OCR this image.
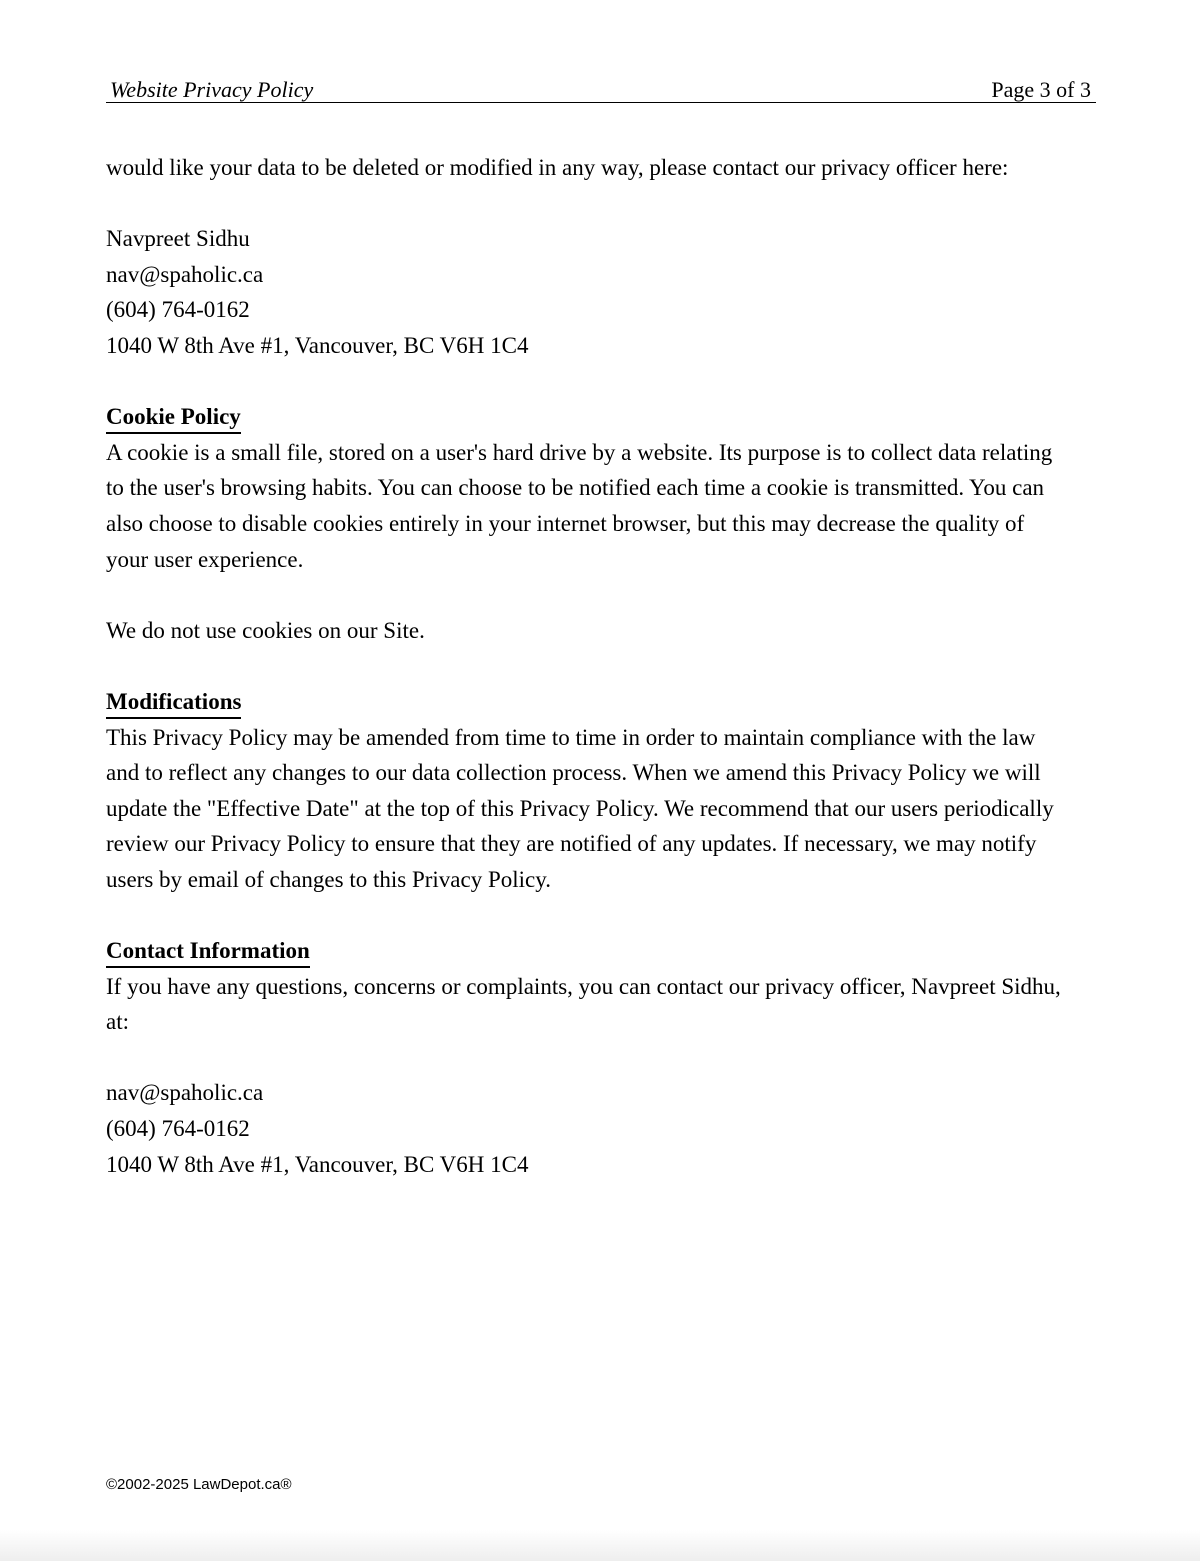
Website Privacy Policy	Page 3 of 3

would like your data to be deleted or modified in any way, please contact our privacy officer here:

Navpreet Sidhu
nav@spaholic.ca
(604) 764-0162
1040 W 8th Ave #1, Vancouver, BC V6H 1C4

Cookie Policy

A cookie is a small file, stored on a user's hard drive by a website. Its purpose is to collect data relating
to the user's browsing habits. You can choose to be notified each time a cookie is transmitted. You can
also choose to disable cookies entirely in your internet browser, but this may decrease the quality of
your user experience.

We do not use cookies on our Site.

Modifications

This Privacy Policy may be amended from time to time in order to maintain compliance with the law
and to reflect any changes to our data collection process. When we amend this Privacy Policy we will
update the "Effective Date" at the top of this Privacy Policy. We recommend that our users periodically
review our Privacy Policy to ensure that they are notified of any updates. If necessary, we may notify
users by email of changes to this Privacy Policy.

Contact Information

If you have any questions, concerns or complaints, you can contact our privacy officer, Navpreet Sidhu,
at:

nav@spaholic.ca
(604) 764-0162
1040 W 8th Ave #1, Vancouver, BC V6H 1C4

©2002-2025 LawDepot.ca®
